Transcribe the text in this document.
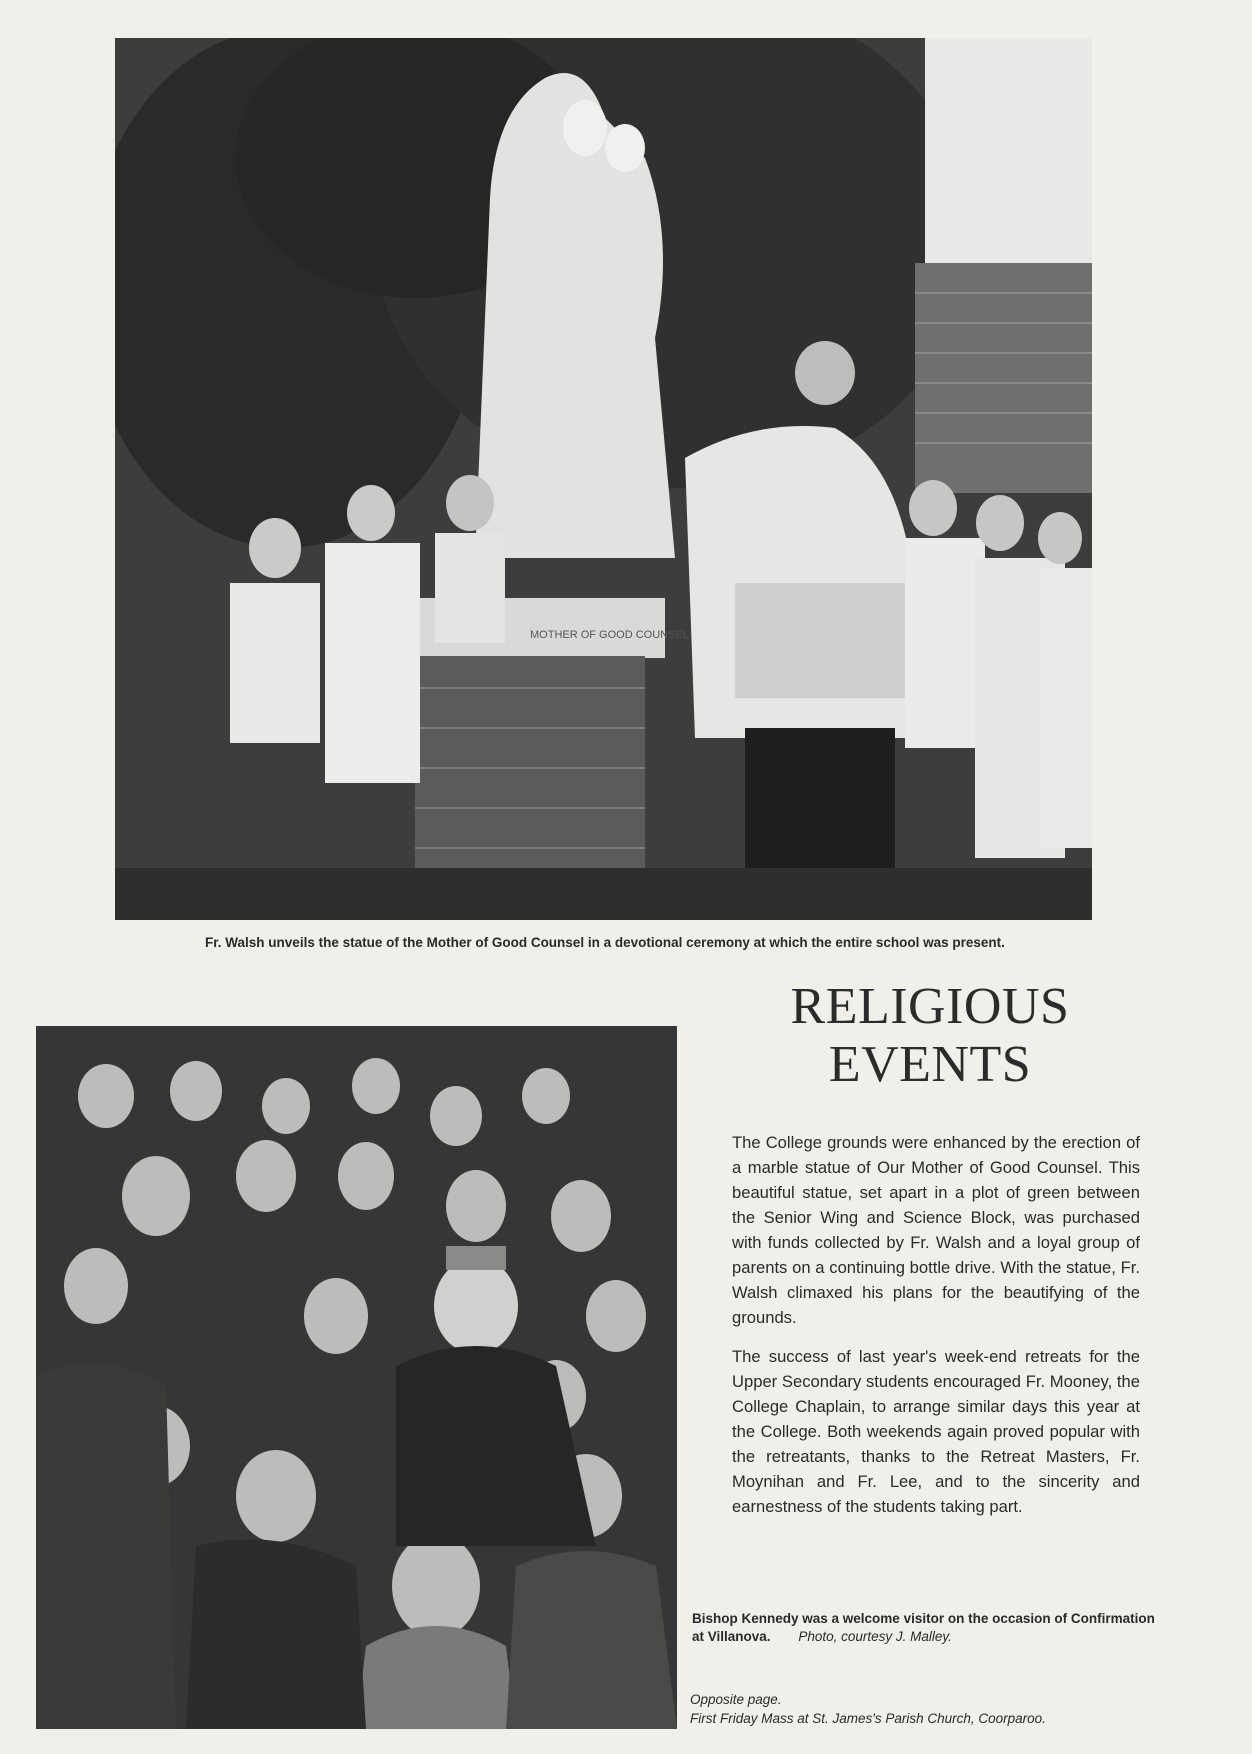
MOTHER OF GOOD COUNSEL
Fr. Walsh unveils the statue of the Mother of Good Counsel in a devotional ceremony at which the entire school was present.
RELIGIOUS
EVENTS

The College grounds were enhanced by the erection of a marble statue of Our Mother of Good Counsel. This beautiful statue, set apart in a plot of green between the Senior Wing and Science Block, was purchased with funds collected by Fr. Walsh and a loyal group of parents on a continuing bottle drive. With the statue, Fr. Walsh climaxed his plans for the beautifying of the grounds.

The success of last year's week-end retreats for the Upper Secondary students encouraged Fr. Mooney, the College Chaplain, to arrange similar days this year at the College. Both weekends again proved popular with the retreatants, thanks to the Retreat Masters, Fr. Moynihan and Fr. Lee, and to the sincerity and earnestness of the students taking part.

Bishop Kennedy was a welcome visitor on the occasion of Confirmation at Villanova. Photo, courtesy J. Malley.
Opposite page.
First Friday Mass at St. James's Parish Church, Coorparoo.
